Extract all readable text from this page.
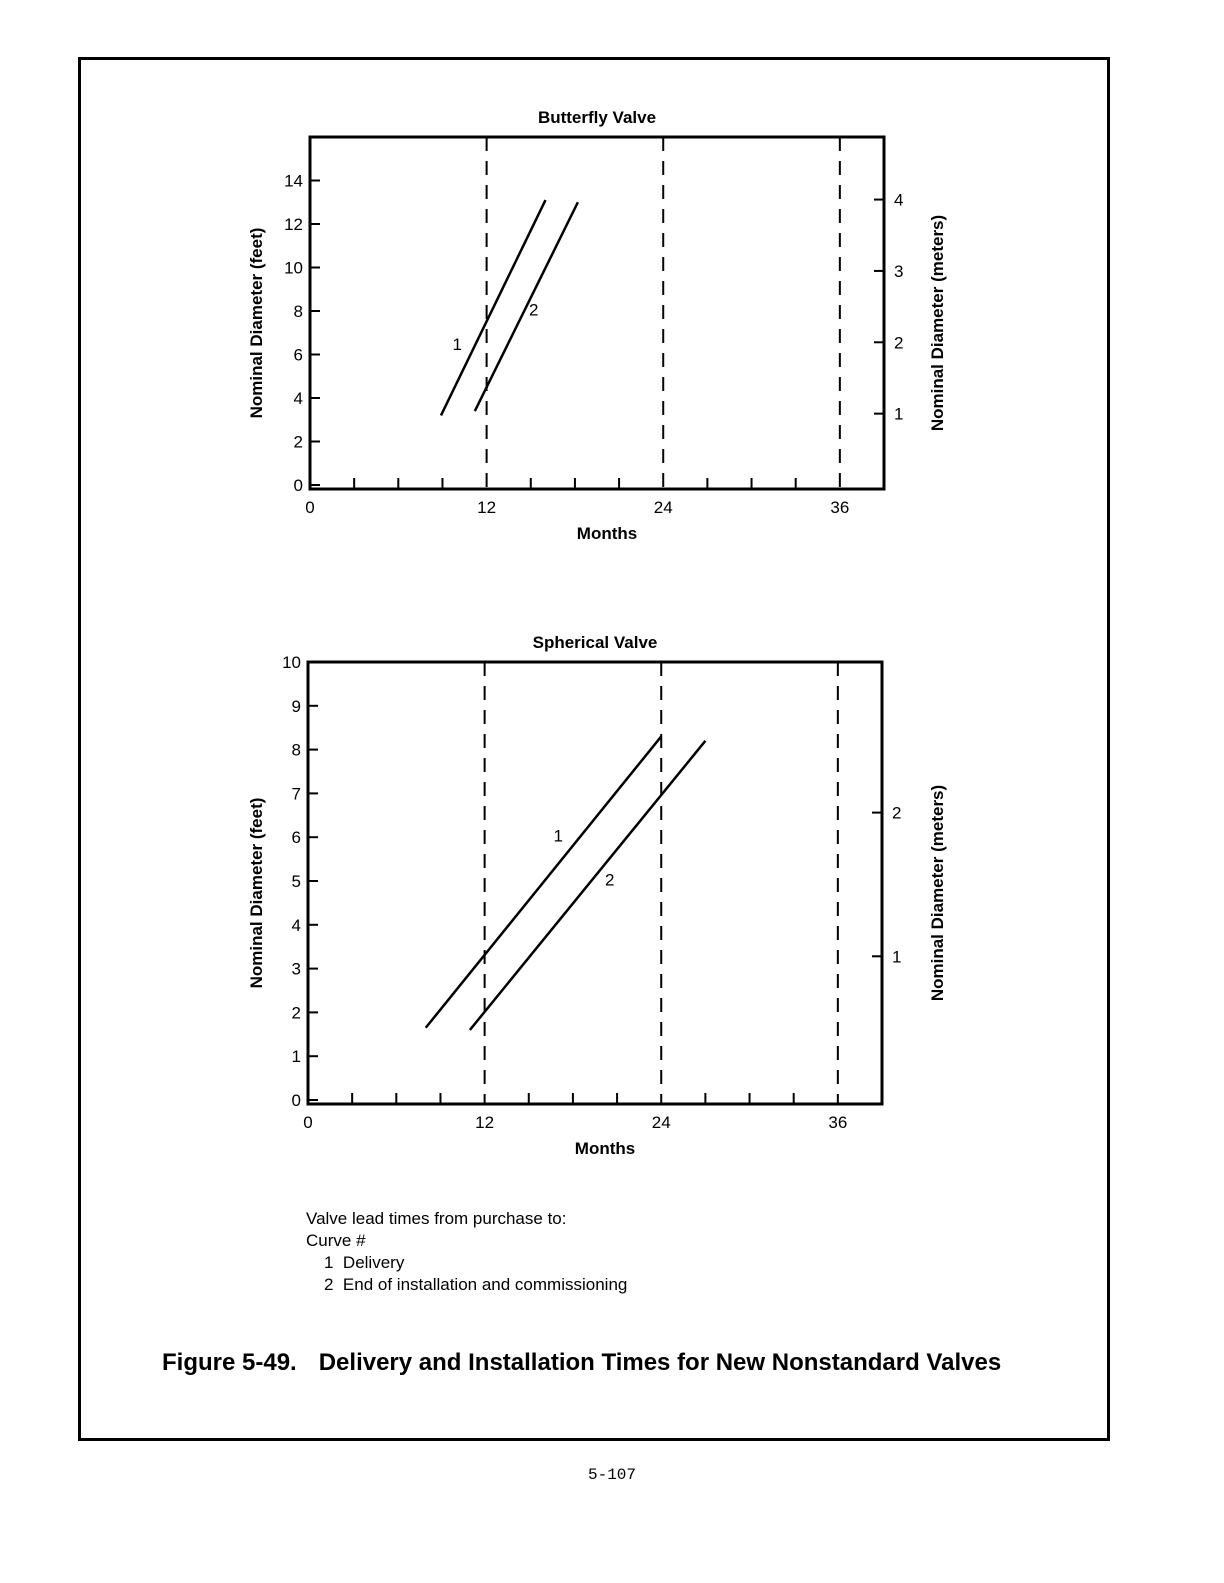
Butterfly Valve
Months
Nominal Diameter (feet)	Nominal Diameter (meters)
0	12	24	36
0
2
4
6
8
10
12
14
1
2
3
4
1
2
Spherical Valve
Months
Nominal Diameter (feet)	Nominal Diameter (meters)
0	12	24	36
0
1
2
3
4
5
6
7
8
9
10
1
2
1
2
Valve lead times from purchase to:
Curve #
1 Delivery
2 End of installation and commissioning
Figure 5-49. Delivery and Installation Times for New Nonstandard Valves
5-107
